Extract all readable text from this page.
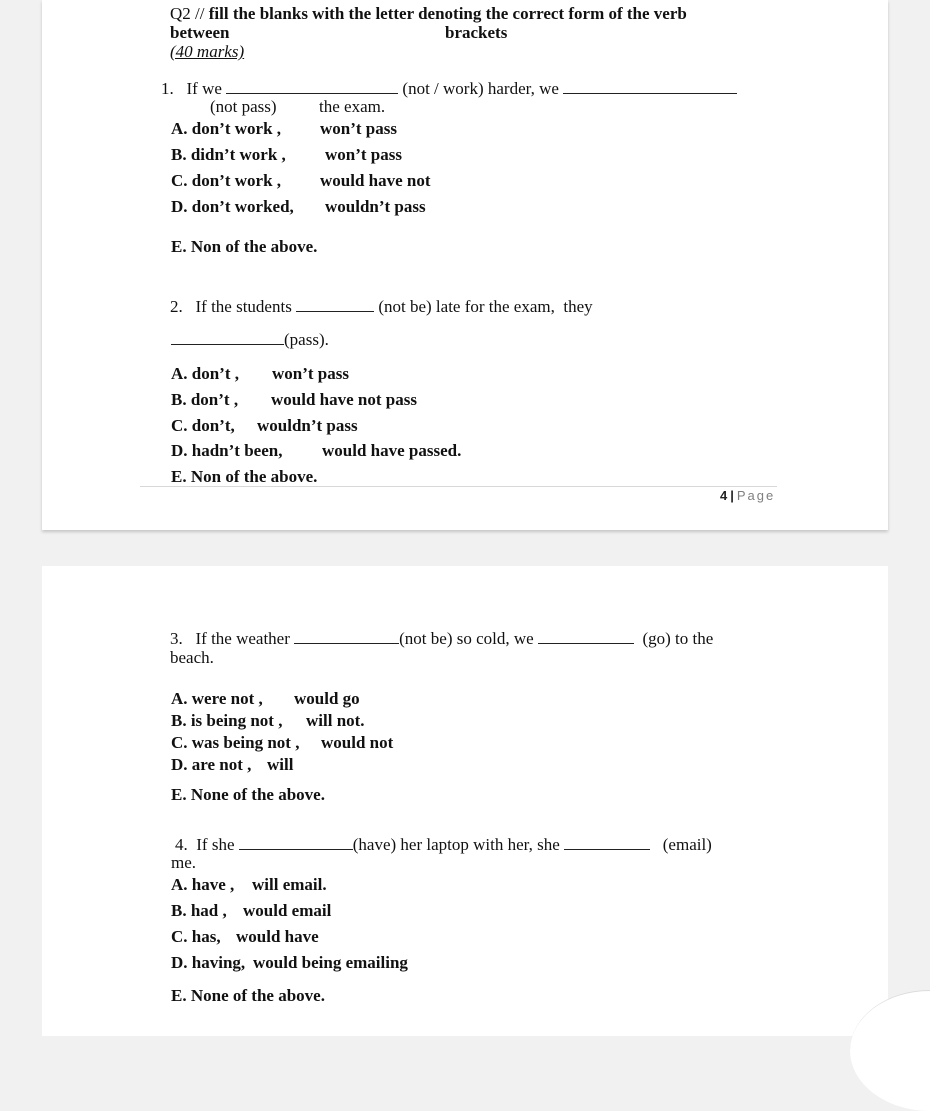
Q2 // fill the blanks with the letter denoting the correct form of the verb
between	brackets
(40 marks)
1. If we	(not / work) harder, we
(not pass) the exam.
A. don’t work , won’t pass
B. didn’t work , won’t pass
C. don’t work , would have not
D. don’t worked, wouldn’t pass
E. Non of the above.
2. If the students	(not be) late for the exam, they
(pass).
A. don’t , won’t pass
B. don’t , would have not pass
C. don’t, wouldn’t pass
D. hadn’t been, would have passed.
E. Non of the above.
4 | Page
3. If the weather	(not be) so cold, we	(go) to the
beach.
A. were not , would go
B. is being not , will not.
C. was being not , would not
D. are not , will
E. None of the above.
4. If she	(have) her laptop with her, she	(email)
me.
A. have , will email.
B. had , would email
C. has, would have
D. having, would being emailing
E. None of the above.
